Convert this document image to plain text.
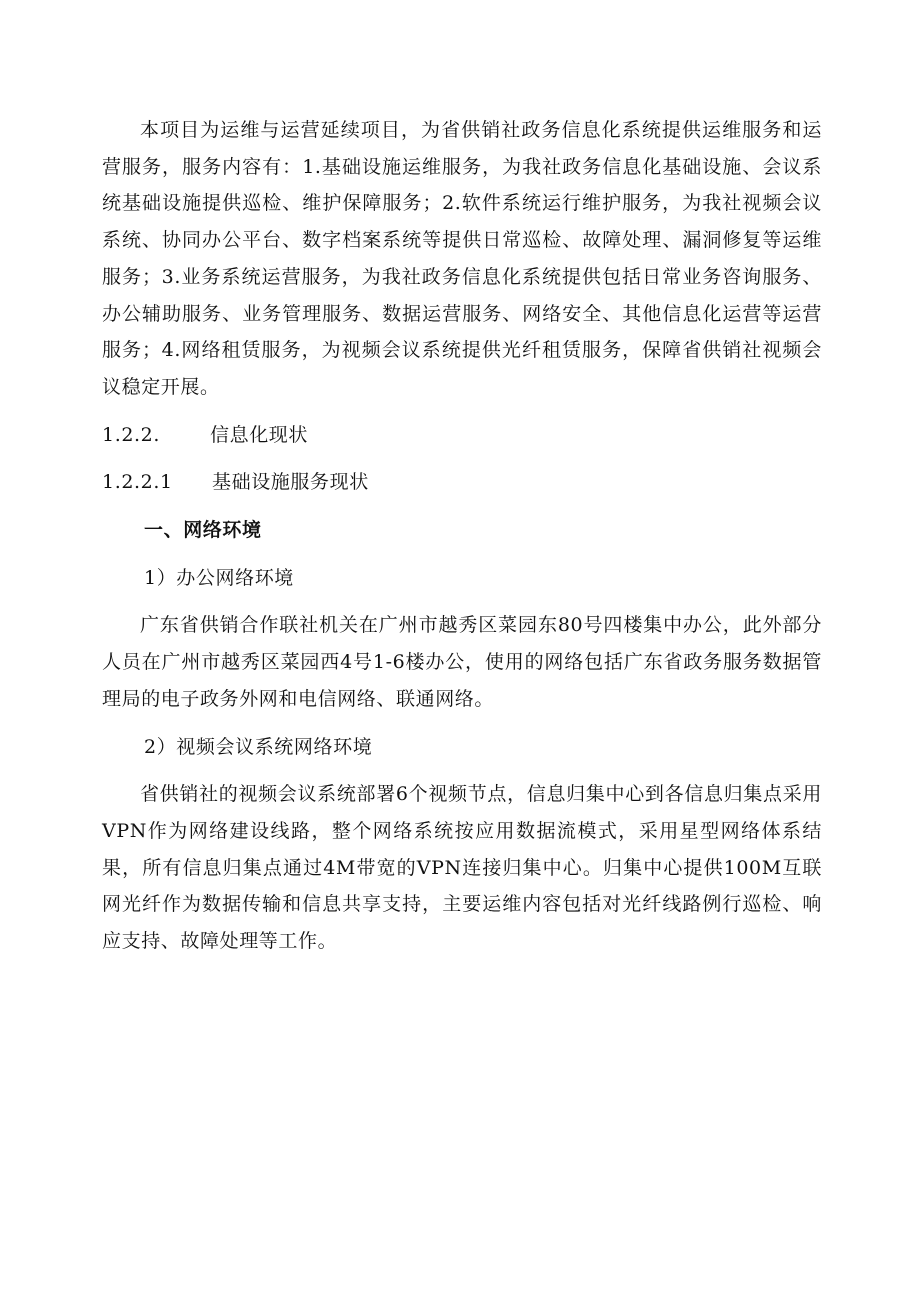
本项目为运维与运营延续项目，为省供销社政务信息化系统提供运维服务和运营服务，服务内容有：1.基础设施运维服务，为我社政务信息化基础设施、会议系统基础设施提供巡检、维护保障服务；2.软件系统运行维护服务，为我社视频会议系统、协同办公平台、数字档案系统等提供日常巡检、故障处理、漏洞修复等运维服务；3.业务系统运营服务，为我社政务信息化系统提供包括日常业务咨询服务、办公辅助服务、业务管理服务、数据运营服务、网络安全、其他信息化运营等运营服务；4.网络租赁服务，为视频会议系统提供光纤租赁服务，保障省供销社视频会议稳定开展。

1.2.2.	信息化现状
1.2.2.1	基础设施服务现状

一、网络环境

1）办公网络环境

广东省供销合作联社机关在广州市越秀区菜园东80号四楼集中办公，此外部分人员在广州市越秀区菜园西4号1-6楼办公，使用的网络包括广东省政务服务数据管理局的电子政务外网和电信网络、联通网络。

2）视频会议系统网络环境

省供销社的视频会议系统部署6个视频节点，信息归集中心到各信息归集点采用VPN作为网络建设线路，整个网络系统按应用数据流模式，采用星型网络体系结果，所有信息归集点通过4M带宽的VPN连接归集中心。归集中心提供100M互联网光纤作为数据传输和信息共享支持，主要运维内容包括对光纤线路例行巡检、响应支持、故障处理等工作。
